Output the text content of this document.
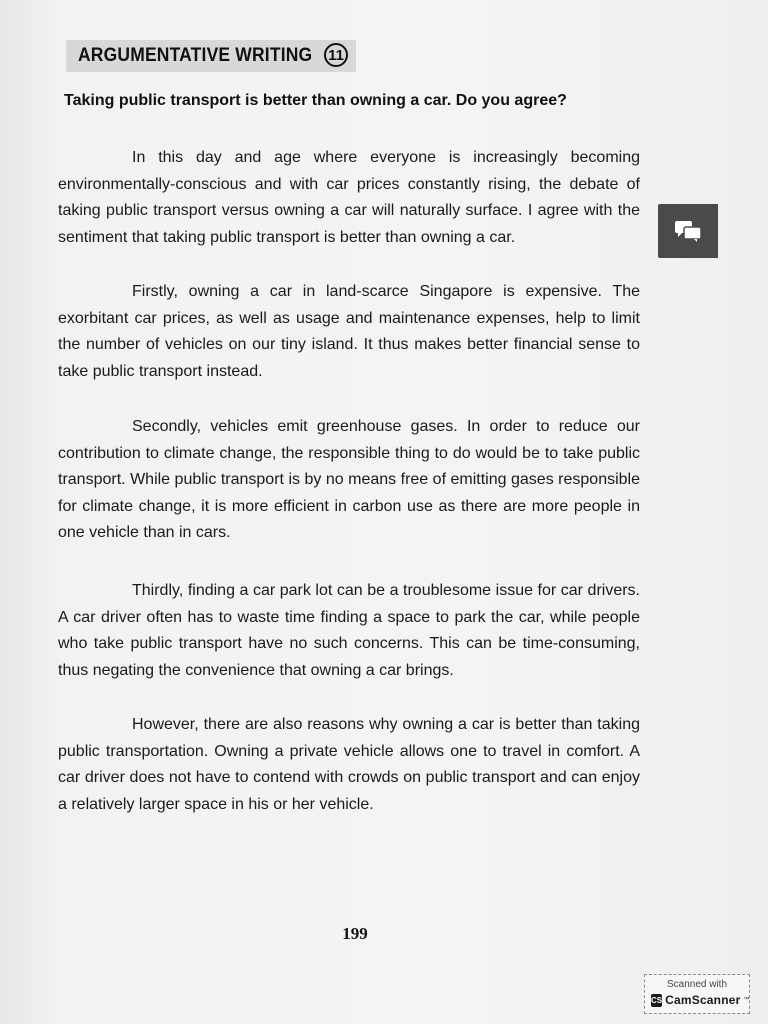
ARGUMENTATIVE WRITING 11
Taking public transport is better than owning a car. Do you agree?

In this day and age where everyone is increasingly becoming environmentally-conscious and with car prices constantly rising, the debate of taking public transport versus owning a car will naturally surface. I agree with the sentiment that taking public transport is better than owning a car.

Firstly, owning a car in land-scarce Singapore is expensive. The exorbitant car prices, as well as usage and maintenance expenses, help to limit the number of vehicles on our tiny island. It thus makes better financial sense to take public transport instead.

Secondly, vehicles emit greenhouse gases. In order to reduce our contribution to climate change, the responsible thing to do would be to take public transport. While public transport is by no means free of emitting gases responsible for climate change, it is more efficient in carbon use as there are more people in one vehicle than in cars.

Thirdly, finding a car park lot can be a troublesome issue for car drivers. A car driver often has to waste time finding a space to park the car, while people who take public transport have no such concerns. This can be time-consuming, thus negating the convenience that owning a car brings.

However, there are also reasons why owning a car is better than taking public transportation. Owning a private vehicle allows one to travel in comfort. A car driver does not have to contend with crowds on public transport and can enjoy a relatively larger space in his or her vehicle.

199
Scanned with
CS CamScanner ™
